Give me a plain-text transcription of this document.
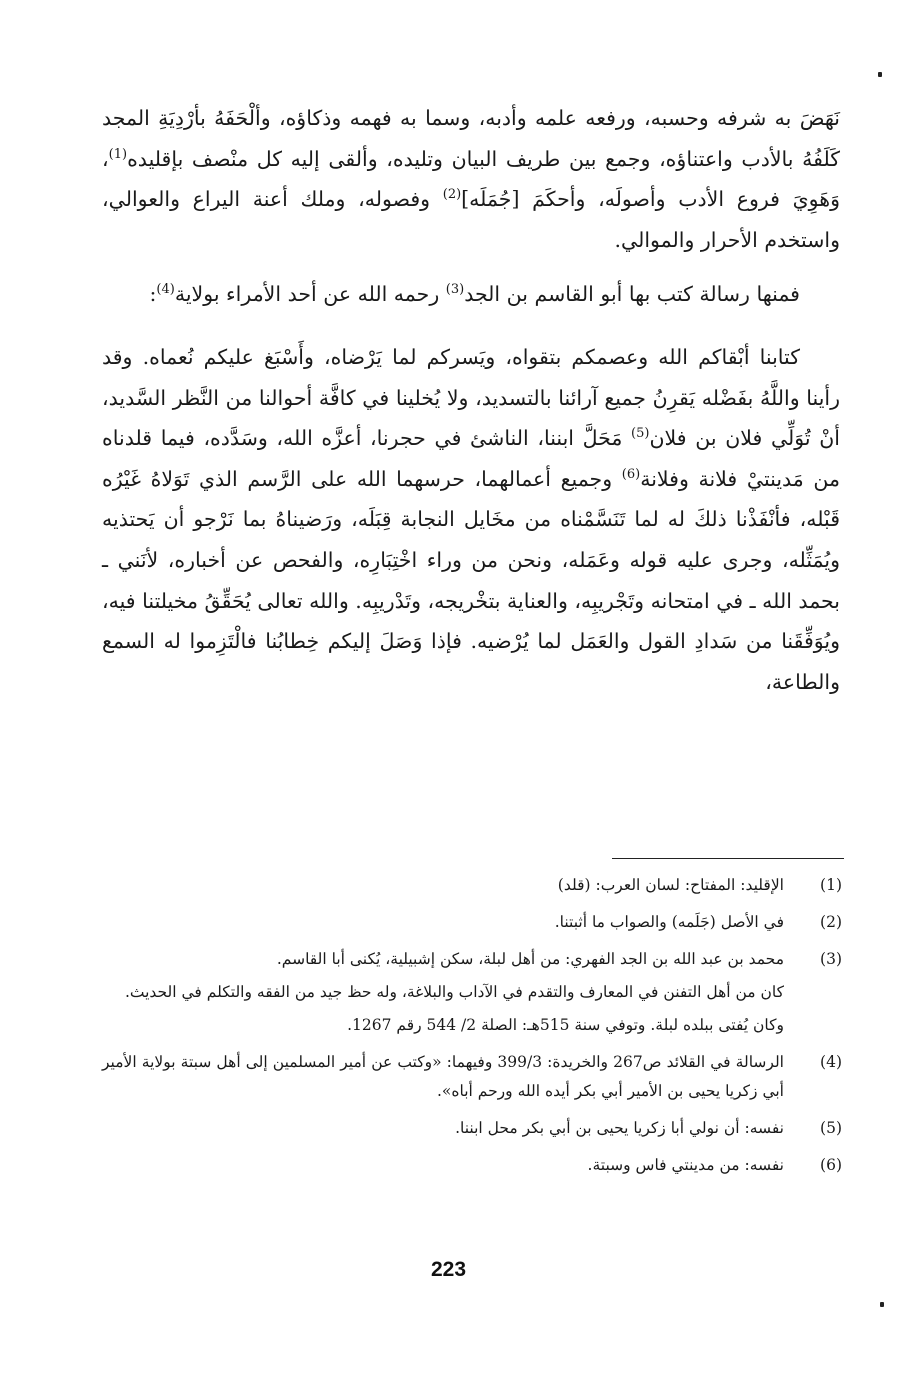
نَهَضَ به شرفه وحسبه، ورفعه علمه وأدبه، وسما به فهمه وذكاؤه، وألْحَفَهُ بأرْدِيَةِ المجد كَلَفُهُ بالأدب واعتناؤه، وجمع بين طريف البيان وتليده، وألقى إليه كل منْصف بإقليده$^{(1)}$، وَهَوِيَ فروع الأدب وأصولَه، وأحكَمَ [جُمَلَه]$^{(2)}$ وفصوله، وملك أعنة اليراع والعوالي، واستخدم الأحرار والموالي.

فمنها رسالة كتب بها أبو القاسم بن الجد$^{(3)}$ رحمه الله عن أحد الأمراء بولاية$^{(4)}$:

كتابنا أبْقاكم الله وعصمكم بتقواه، ويَسركم لما يَرْضاه، وأَسْبَغ عليكم نُعماه. وقد رأينا واللَّهُ بفَضْله يَقرِنُ جميع آرائنا بالتسديد، ولا يُخلينا في كافَّة أحوالنا من النَّظر السَّديد، أنْ تُوَلِّي فلان بن فلان$^{(5)}$ مَحَلَّ ابننا، الناشئ في حجرنا، أعزَّه الله، وسَدَّده، فيما قلدناه من مَدينتيْ فلانة وفلانة$^{(6)}$ وجميع أعمالهما، حرسهما الله على الرَّسم الذي تَوَلاهُ غَيْرُه قَبْله، فأنْفَذْنا ذلكَ له لما تَنَسَّمْناه من مخَايل النجابة قِبَلَه، ورَضيناهُ بما نَرْجو أن يَحتذيه ويُمَثِّله، وجرى عليه قوله وعَمَله، ونحن من وراء اخْتِبَارِه، والفحص عن أخباره، لأنَني ـ بحمد الله ـ في امتحانه وتَجْريبِه، والعناية بتخْريجه، وتَدْريبِه. والله تعالى يُحَقِّقُ مخيلتنا فيه، ويُوَفِّقَنا من سَدادِ القول والعَمَل لما يُرْضيه. فإذا وَصَلَ إليكم خِطابُنا فالْتَزِموا له السمع والطاعة،

(1)

الإقليد: المفتاح: لسان العرب: (قلد)

(2)

في الأصل (جَلَمه) والصواب ما أثبتنا.

(3)

محمد بن عبد الله بن الجد الفهري: من أهل لبلة، سكن إشبيلية، يُكنى أبا القاسم.

كان من أهل التفنن في المعارف والتقدم في الآداب والبلاغة، وله حظ جيد من الفقه والتكلم في الحديث.

وكان يُفتى ببلده لبلة. وتوفي سنة 515هـ: الصلة 2/ 544 رقم 1267.

(4)

الرسالة في القلائد ص267 والخريدة: 399/3 وفيهما: «وكتب عن أمير المسلمين إلى أهل سبتة بولاية الأمير أبي زكريا يحيى بن الأمير أبي بكر أيده الله ورحم أباه».

(5)

نفسه: أن نولي أبا زكريا يحيى بن أبي بكر محل ابننا.

(6)

نفسه: من مدينتي فاس وسبتة.

223
